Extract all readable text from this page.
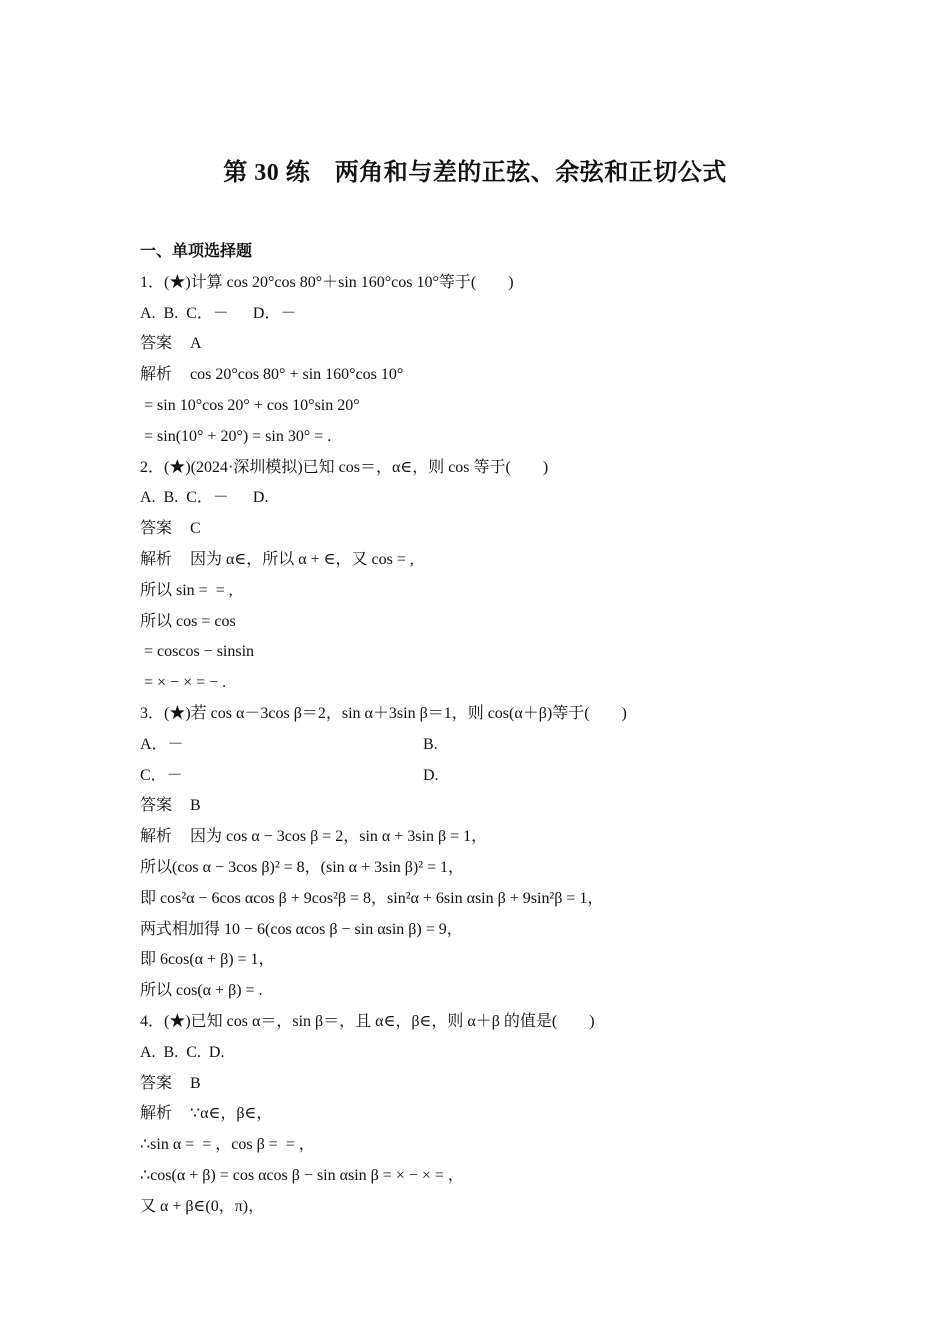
第 30 练　两角和与差的正弦、余弦和正切公式
一、单项选择题
1．(★)计算 cos 20°cos 80°＋sin 160°cos 10°等于(　　)
A.  B.  C．－  　D．－
答案 A
解析 cos 20°cos 80° + sin 160°cos 10°
= sin 10°cos 20° + cos 10°sin 20°
= sin(10° + 20°) = sin 30° = .
2．(★)(2024·深圳模拟)已知 cos＝，α∈，则 cos 等于(　　)
A.  B.  C．－  　D.
答案 C
解析 因为 α∈，所以 α + ∈，又 cos = ,
所以 sin =  = ,
所以 cos = cos
= coscos − sinsin
= × − × = − .
3．(★)若 cos α－3cos β＝2，sin α＋3sin β＝1，则 cos(α＋β)等于(　　)
A．－	B.
C．－	D.
答案 B
解析 因为 cos α − 3cos β = 2，sin α + 3sin β = 1，
所以(cos α − 3cos β)² = 8，(sin α + 3sin β)² = 1，
即 cos²α − 6cos αcos β + 9cos²β = 8，sin²α + 6sin αsin β + 9sin²β = 1，
两式相加得 10 − 6(cos αcos β − sin αsin β) = 9，
即 6cos(α + β) = 1，
所以 cos(α + β) = .
4．(★)已知 cos α＝，sin β＝，且 α∈，β∈，则 α＋β 的值是(　　)
A.  B.  C.  D.
答案 B
解析 ∵α∈，β∈，
∴sin α =  = ，cos β =  = ，
∴cos(α + β) = cos αcos β − sin αsin β = × − × = ，
又 α + β∈(0，π)，
